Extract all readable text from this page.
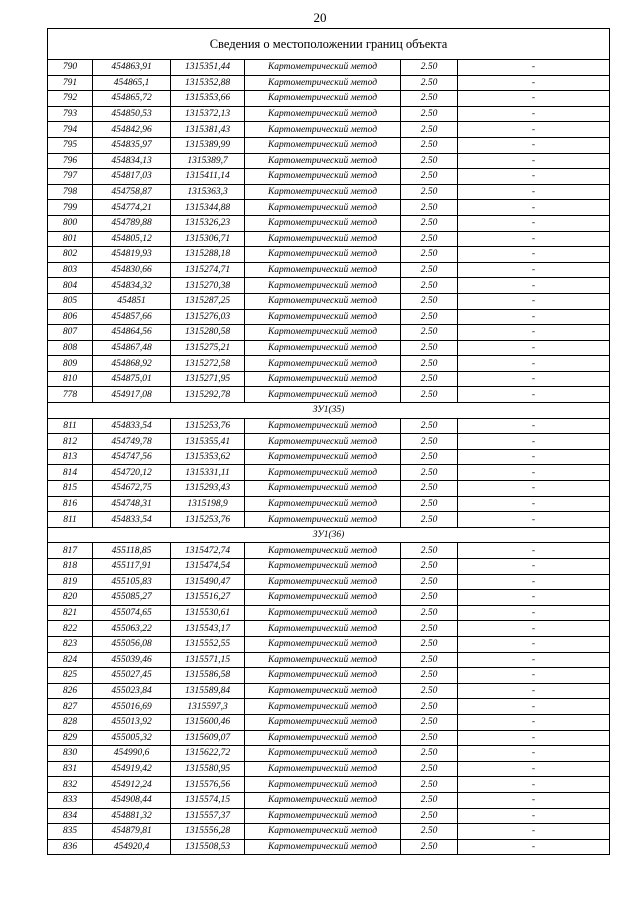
20
Сведения о местоположении границ объекта					
790	454863,91	1315351,44	Картометрический метод	2.50	-
791	454865,1	1315352,88	Картометрический метод	2.50	-
792	454865,72	1315353,66	Картометрический метод	2.50	-
793	454850,53	1315372,13	Картометрический метод	2.50	-
794	454842,96	1315381,43	Картометрический метод	2.50	-
795	454835,97	1315389,99	Картометрический метод	2.50	-
796	454834,13	1315389,7	Картометрический метод	2.50	-
797	454817,03	1315411,14	Картометрический метод	2.50	-
798	454758,87	1315363,3	Картометрический метод	2.50	-
799	454774,21	1315344,88	Картометрический метод	2.50	-
800	454789,88	1315326,23	Картометрический метод	2.50	-
801	454805,12	1315306,71	Картометрический метод	2.50	-
802	454819,93	1315288,18	Картометрический метод	2.50	-
803	454830,66	1315274,71	Картометрический метод	2.50	-
804	454834,32	1315270,38	Картометрический метод	2.50	-
805	454851	1315287,25	Картометрический метод	2.50	-
806	454857,66	1315276,03	Картометрический метод	2.50	-
807	454864,56	1315280,58	Картометрический метод	2.50	-
808	454867,48	1315275,21	Картометрический метод	2.50	-
809	454868,92	1315272,58	Картометрический метод	2.50	-
810	454875,01	1315271,95	Картометрический метод	2.50	-
778	454917,08	1315292,78	Картометрический метод	2.50	-
ЗУ1(35)					
811	454833,54	1315253,76	Картометрический метод	2.50	-
812	454749,78	1315355,41	Картометрический метод	2.50	-
813	454747,56	1315353,62	Картометрический метод	2.50	-
814	454720,12	1315331,11	Картометрический метод	2.50	-
815	454672,75	1315293,43	Картометрический метод	2.50	-
816	454748,31	1315198,9	Картометрический метод	2.50	-
811	454833,54	1315253,76	Картометрический метод	2.50	-
ЗУ1(36)					
817	455118,85	1315472,74	Картометрический метод	2.50	-
818	455117,91	1315474,54	Картометрический метод	2.50	-
819	455105,83	1315490,47	Картометрический метод	2.50	-
820	455085,27	1315516,27	Картометрический метод	2.50	-
821	455074,65	1315530,61	Картометрический метод	2.50	-
822	455063,22	1315543,17	Картометрический метод	2.50	-
823	455056,08	1315552,55	Картометрический метод	2.50	-
824	455039,46	1315571,15	Картометрический метод	2.50	-
825	455027,45	1315586,58	Картометрический метод	2.50	-
826	455023,84	1315589,84	Картометрический метод	2.50	-
827	455016,69	1315597,3	Картометрический метод	2.50	-
828	455013,92	1315600,46	Картометрический метод	2.50	-
829	455005,32	1315609,07	Картометрический метод	2.50	-
830	454990,6	1315622,72	Картометрический метод	2.50	-
831	454919,42	1315580,95	Картометрический метод	2.50	-
832	454912,24	1315576,56	Картометрический метод	2.50	-
833	454908,44	1315574,15	Картометрический метод	2.50	-
834	454881,32	1315557,37	Картометрический метод	2.50	-
835	454879,81	1315556,28	Картометрический метод	2.50	-
836	454920,4	1315508,53	Картометрический метод	2.50	-
